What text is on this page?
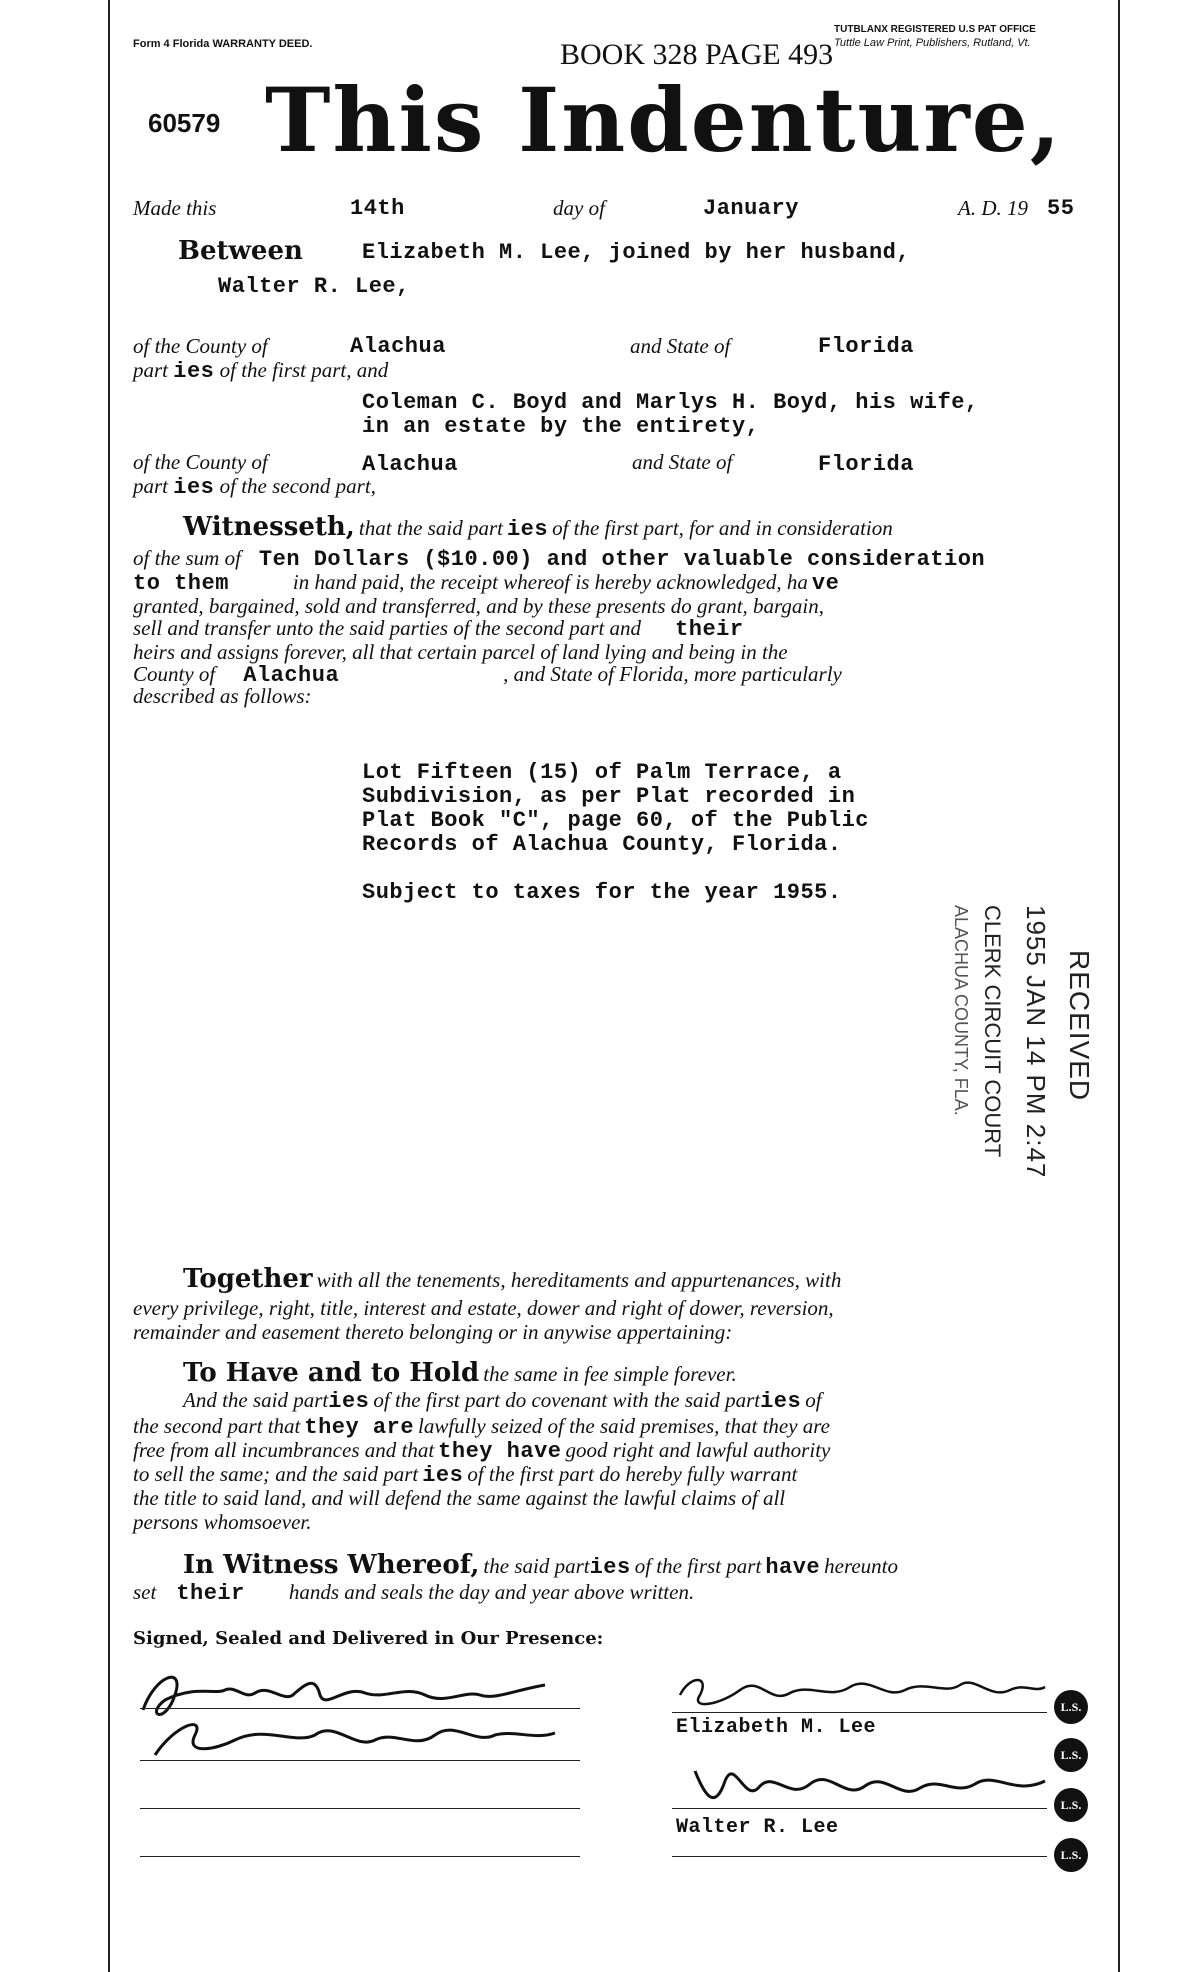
Form 4 Florida WARRANTY DEED.
TUTBLANX REGISTERED U.S PAT OFFICE
Tuttle Law Print, Publishers, Rutland, Vt.
BOOK 328 PAGE 493
60579 This Indenture,
Made this	14th	day of	January	A. D. 19 55
Between	Elizabeth M. Lee, joined by her husband,
Walter R. Lee,
of the County of	Alachua	and State of	Florida
part ies of the first part, and
Coleman C. Boyd and Marlys H. Boyd, his wife,
in an estate by the entirety,
of the County of	Alachua	and State of	Florida
part ies of the second part,
Witnesseth, that the said part ies of the first part, for and in consideration
of the sum of Ten Dollars ($10.00) and other valuable consideration
to them	in hand paid, the receipt whereof is hereby acknowledged, ha ve
granted, bargained, sold and transferred, and by these presents do grant, bargain,
sell and transfer unto the said parties of the second part and their
heirs and assigns forever, all that certain parcel of land lying and being in the
County of Alachua	, and State of Florida, more particularly
described as follows:
Lot Fifteen (15) of Palm Terrace, a
Subdivision, as per Plat recorded in
Plat Book "C", page 60, of the Public
Records of Alachua County, Florida.
Subject to taxes for the year 1955.
RECEIVED
1955 JAN 14 PM 2:47
CLERK CIRCUIT COURT
ALACHUA COUNTY, FLA.
Together with all the tenements, hereditaments and appurtenances, with
every privilege, right, title, interest and estate, dower and right of dower, reversion,
remainder and easement thereto belonging or in anywise appertaining:
To Have and to Hold the same in fee simple forever.
And the said parties of the first part do covenant with the said parties of
the second part that they are lawfully seized of the said premises, that they are
free from all incumbrances and that they have good right and lawful authority
to sell the same; and the said part ies of the first part do hereby fully warrant
the title to said land, and will defend the same against the lawful claims of all
persons whomsoever.
In Witness Whereof, the said parties of the first part have hereunto
set their hands and seals the day and year above written.
Signed, Sealed and Delivered in Our Presence:
Elizabeth M. Lee
Walter R. Lee
L.S.
L.S.
L.S.
L.S.
